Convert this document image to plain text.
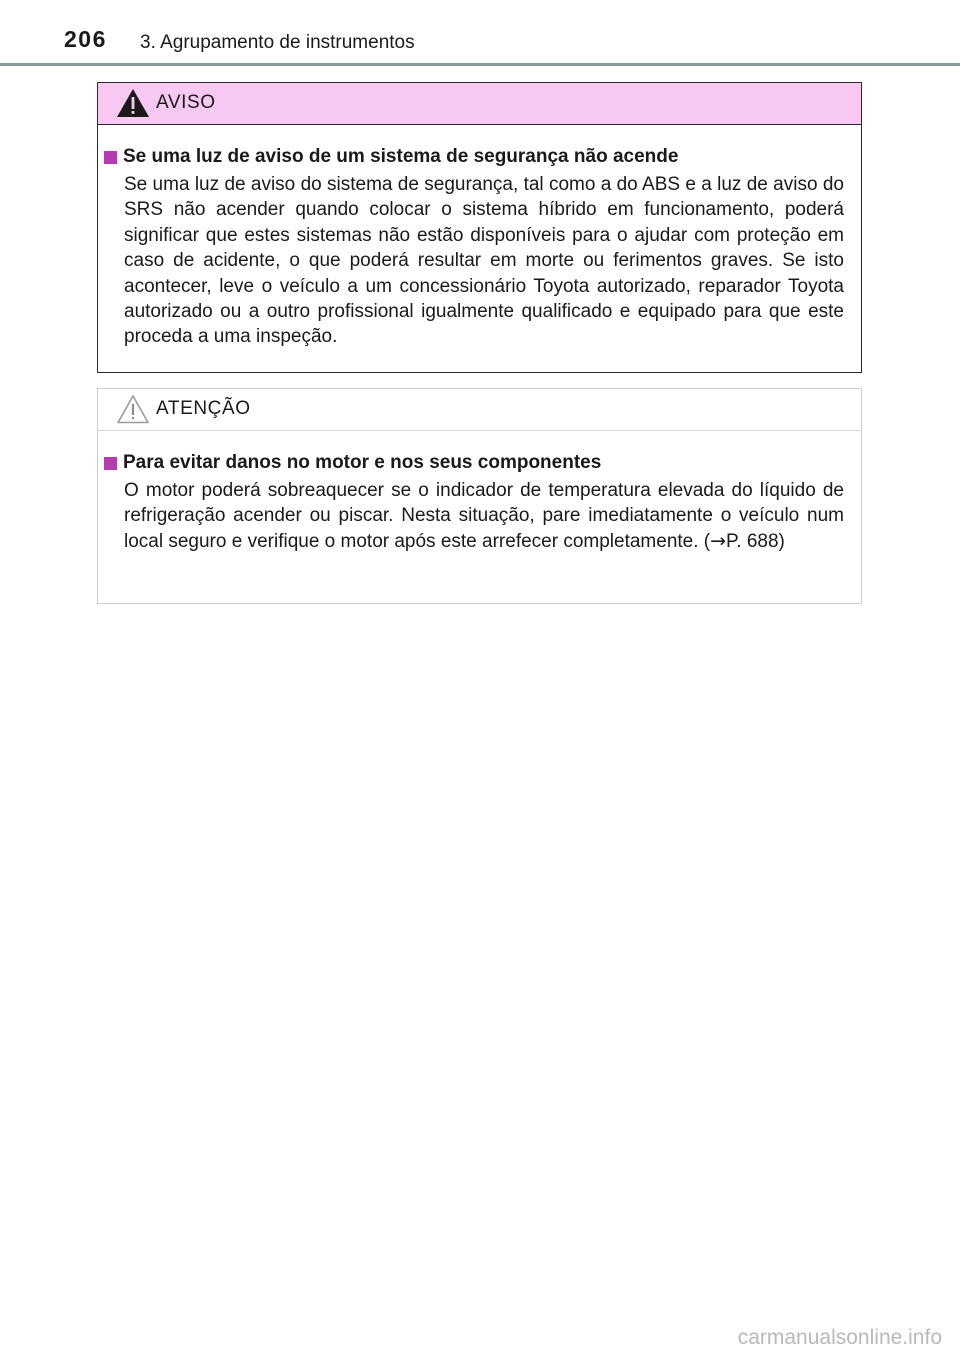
206 3. Agrupamento de instrumentos
AVISO
Se uma luz de aviso de um sistema de segurança não acende
Se uma luz de aviso do sistema de segurança, tal como a do ABS e a luz de aviso do SRS não acender quando colocar o sistema híbrido em funcionamento, poderá significar que estes sistemas não estão disponíveis para o ajudar com proteção em caso de acidente, o que poderá resultar em morte ou ferimentos graves. Se isto acontecer, leve o veículo a um concessionário Toyota autorizado, reparador Toyota autorizado ou a outro profissional igualmente qualificado e equipado para que este proceda a uma inspeção.
ATENÇÃO
Para evitar danos no motor e nos seus componentes
O motor poderá sobreaquecer se o indicador de temperatura elevada do líquido de refrigeração acender ou piscar. Nesta situação, pare imediatamente o veículo num local seguro e verifique o motor após este arrefecer completamente. (→P. 688)
carmanualsonline.info
